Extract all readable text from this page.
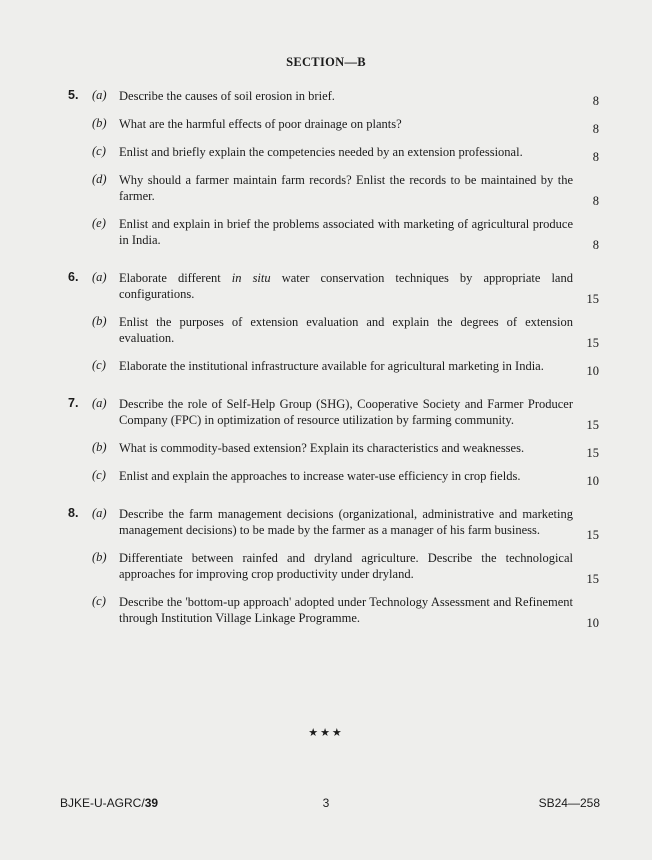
SECTION—B
5. (a) Describe the causes of soil erosion in brief.	8
(b) What are the harmful effects of poor drainage on plants?	8
(c) Enlist and briefly explain the competencies needed by an extension professional.	8
(d) Why should a farmer maintain farm records? Enlist the records to be maintained by the farmer.	8
(e) Enlist and explain in brief the problems associated with marketing of agricultural produce in India.	8
6. (a) Elaborate different in situ water conservation techniques by appropriate land configurations.	15
(b) Enlist the purposes of extension evaluation and explain the degrees of extension evaluation.	15
(c) Elaborate the institutional infrastructure available for agricultural marketing in India.	10
7. (a) Describe the role of Self-Help Group (SHG), Cooperative Society and Farmer Producer Company (FPC) in optimization of resource utilization by farming community.	15
(b) What is commodity-based extension? Explain its characteristics and weaknesses.	15
(c) Enlist and explain the approaches to increase water-use efficiency in crop fields.	10
8. (a) Describe the farm management decisions (organizational, administrative and marketing management decisions) to be made by the farmer as a manager of his farm business.	15
(b) Differentiate between rainfed and dryland agriculture. Describe the technological approaches for improving crop productivity under dryland.	15
(c) Describe the 'bottom-up approach' adopted under Technology Assessment and Refinement through Institution Village Linkage Programme.	10
★★★
BJKE-U-AGRC/39	3	SB24—258
